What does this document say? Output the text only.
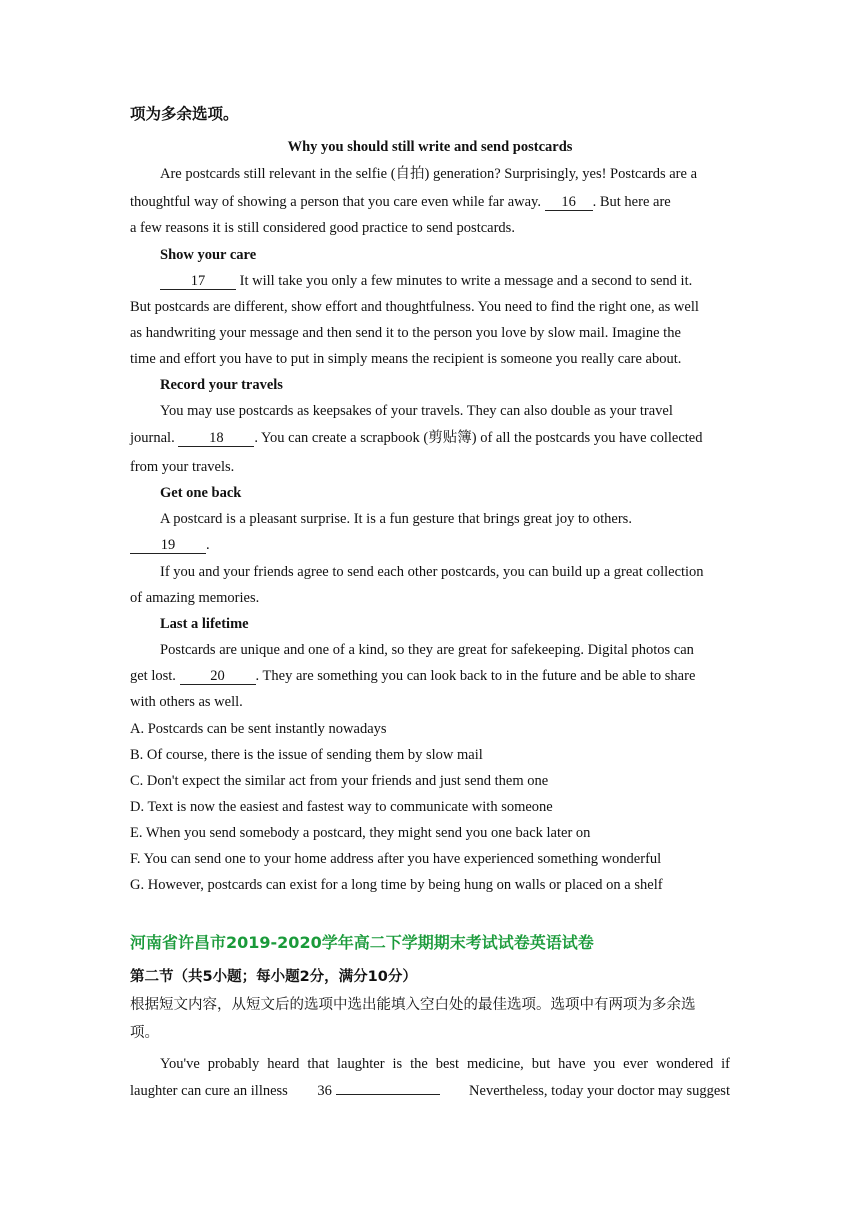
项为多余选项。
Why you should still write and send postcards
Are postcards still relevant in the selfie (自拍) generation? Surprisingly, yes! Postcards are a
thoughtful way of showing a person that you care even while far away. 16 . But here are
a few reasons it is still considered good practice to send postcards.
Show your care
17 It will take you only a few minutes to write a message and a second to send it.
But postcards are different, show effort and thoughtfulness. You need to find the right one, as well
as handwriting your message and then send it to the person you love by slow mail. Imagine the
time and effort you have to put in simply means the recipient is someone you really care about.
Record your travels
You may use postcards as keepsakes of your travels. They can also double as your travel
journal. 18 . You can create a scrapbook (剪贴簿) of all the postcards you have collected
from your travels.
Get one back
A postcard is a pleasant surprise. It is a fun gesture that brings great joy to others.
19 .
If you and your friends agree to send each other postcards, you can build up a great collection
of amazing memories.
Last a lifetime
Postcards are unique and one of a kind, so they are great for safekeeping. Digital photos can
get lost. 20 . They are something you can look back to in the future and be able to share
with others as well.
A. Postcards can be sent instantly nowadays
B. Of course, there is the issue of sending them by slow mail
C. Don't expect the similar act from your friends and just send them one
D. Text is now the easiest and fastest way to communicate with someone
E. When you send somebody a postcard, they might send you one back later on
F. You can send one to your home address after you have experienced something wonderful
G. However, postcards can exist for a long time by being hung on walls or placed on a shelf
河南省许昌市2019-2020学年高二下学期期末考试试卷英语试卷
第二节（共5小题；每小题2分，满分10分）
根据短文内容，从短文后的选项中选出能填入空白处的最佳选项。选项中有两项为多余选
项。
You've probably heard that laughter is the best medicine, but have you ever wondered if
laughter can cure an illness 36	Nevertheless, today your doctor may suggest
